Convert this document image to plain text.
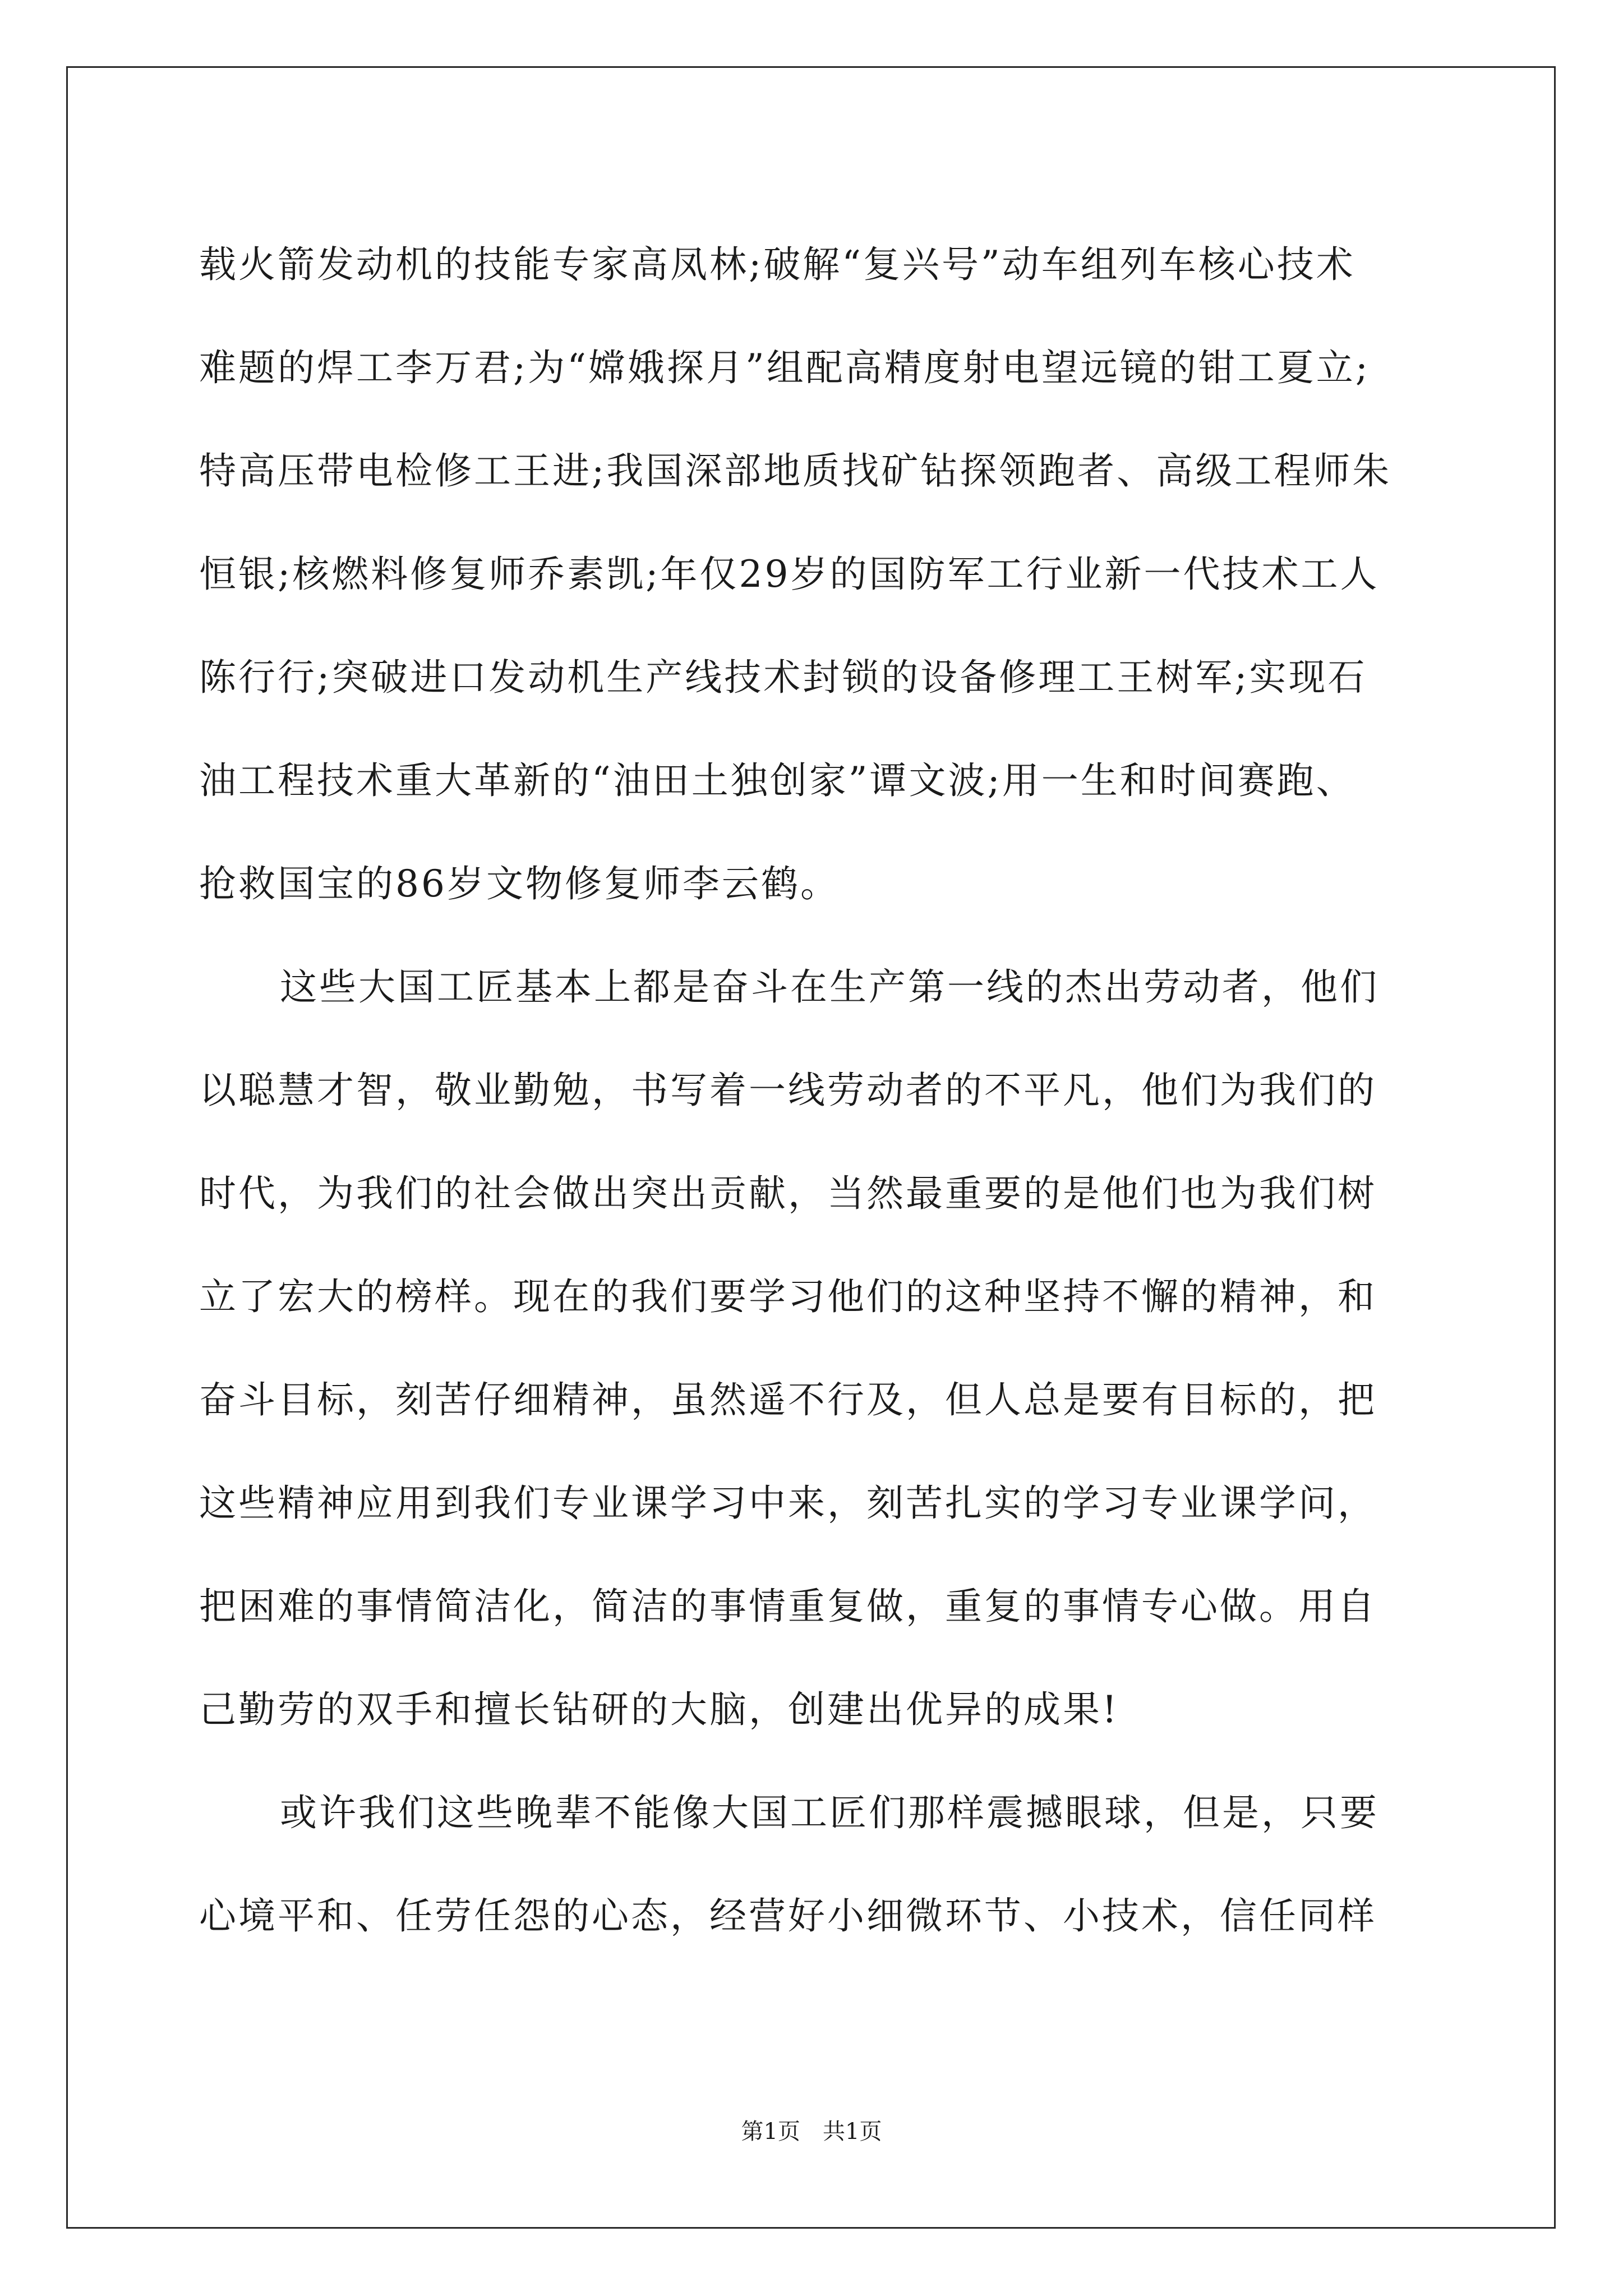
载火箭发动机的技能专家高凤林;破解“复兴号”动车组列车核心技术
难题的焊工李万君;为“嫦娥探月”组配高精度射电望远镜的钳工夏立;
特高压带电检修工王进;我国深部地质找矿钻探领跑者、高级工程师朱
恒银;核燃料修复师乔素凯;年仅29岁的国防军工行业新一代技术工人
陈行行;突破进口发动机生产线技术封锁的设备修理工王树军;实现石
油工程技术重大革新的“油田土独创家”谭文波;用一生和时间赛跑、
抢救国宝的86岁文物修复师李云鹤。
这些大国工匠基本上都是奋斗在生产第一线的杰出劳动者，他们
以聪慧才智，敬业勤勉，书写着一线劳动者的不平凡，他们为我们的
时代，为我们的社会做出突出贡献，当然最重要的是他们也为我们树
立了宏大的榜样。现在的我们要学习他们的这种坚持不懈的精神，和
奋斗目标，刻苦仔细精神，虽然遥不行及，但人总是要有目标的，把
这些精神应用到我们专业课学习中来，刻苦扎实的学习专业课学问，
把困难的事情简洁化，简洁的事情重复做，重复的事情专心做。用自
己勤劳的双手和擅长钻研的大脑，创建出优异的成果!
或许我们这些晚辈不能像大国工匠们那样震撼眼球，但是，只要
心境平和、任劳任怨的心态，经营好小细微环节、小技术，信任同样
第1页 共1页
